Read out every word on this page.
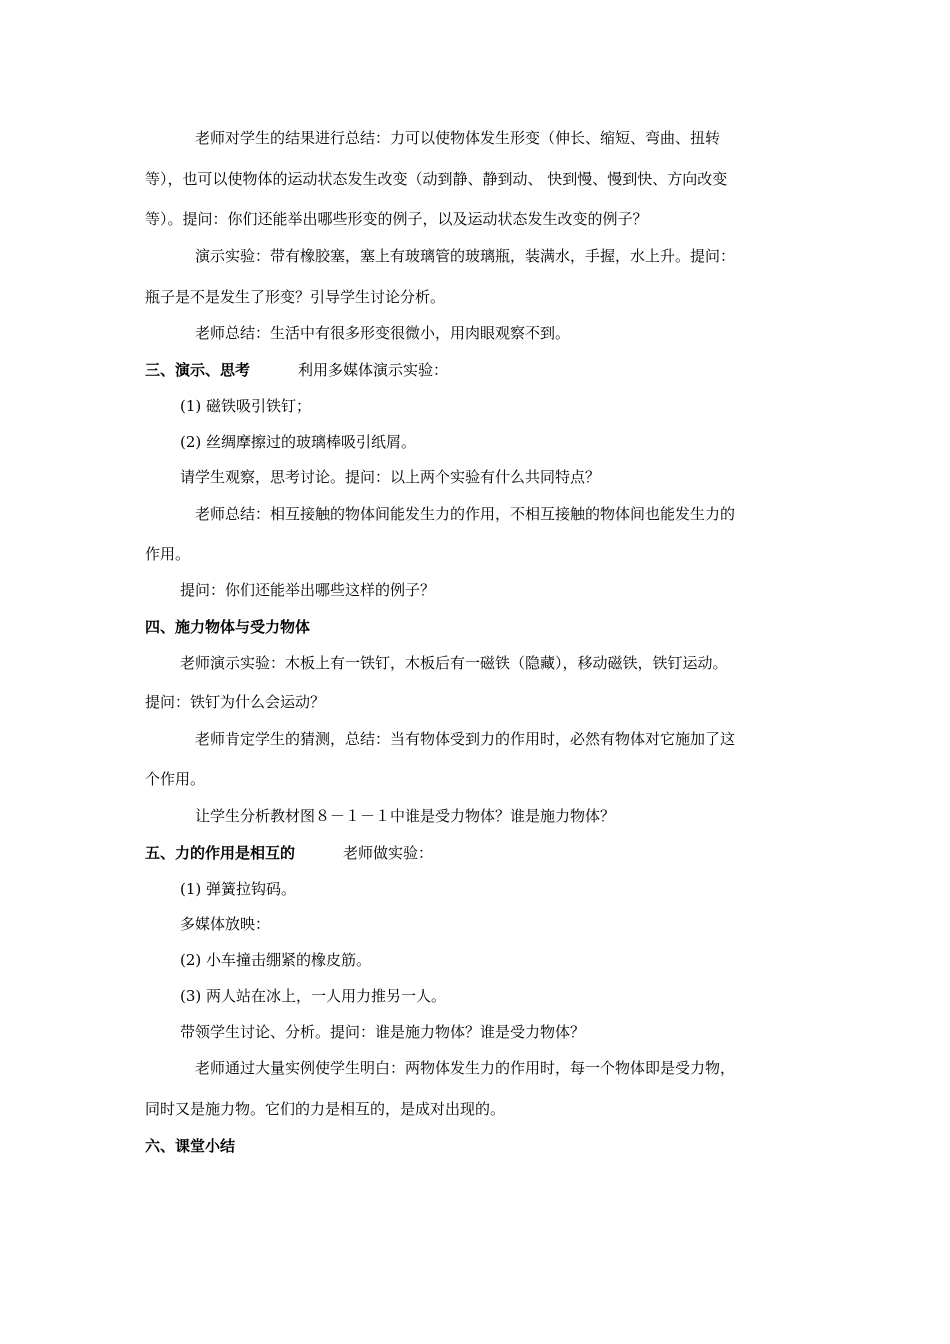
老师对学生的结果进行总结：力可以使物体发生形变（伸长、缩短、弯曲、扭转
等），也可以使物体的运动状态发生改变（动到静、静到动、 快到慢、慢到快、方向改变
等）。提问：你们还能举出哪些形变的例子，以及运动状态发生改变的例子？
演示实验：带有橡胶塞，塞上有玻璃管的玻璃瓶，装满水，手握，水上升。提问：
瓶子是不是发生了形变？引导学生讨论分析。
老师总结：生活中有很多形变很微小，用肉眼观察不到。
三、演示、思考	利用多媒体演示实验：
(1) 磁铁吸引铁钉；
(2) 丝绸摩擦过的玻璃棒吸引纸屑。
请学生观察，思考讨论。提问：以上两个实验有什么共同特点？
老师总结：相互接触的物体间能发生力的作用，不相互接触的物体间也能发生力的
作用。
提问：你们还能举出哪些这样的例子？
四、施力物体与受力物体
老师演示实验：木板上有一铁钉，木板后有一磁铁（隐藏），移动磁铁，铁钉运动。
提问：铁钉为什么会运动？
老师肯定学生的猜测，总结：当有物体受到力的作用时，必然有物体对它施加了这
个作用。
让学生分析教材图８－１－１中谁是受力物体？谁是施力物体？
五、力的作用是相互的	老师做实验：
(1) 弹簧拉钩码。
多媒体放映：
(2) 小车撞击绷紧的橡皮筋。
(3) 两人站在冰上，一人用力推另一人。
带领学生讨论、分析。提问：谁是施力物体？谁是受力物体？
老师通过大量实例使学生明白：两物体发生力的作用时，每一个物体即是受力物，
同时又是施力物。它们的力是相互的，是成对出现的。
六、课堂小结
